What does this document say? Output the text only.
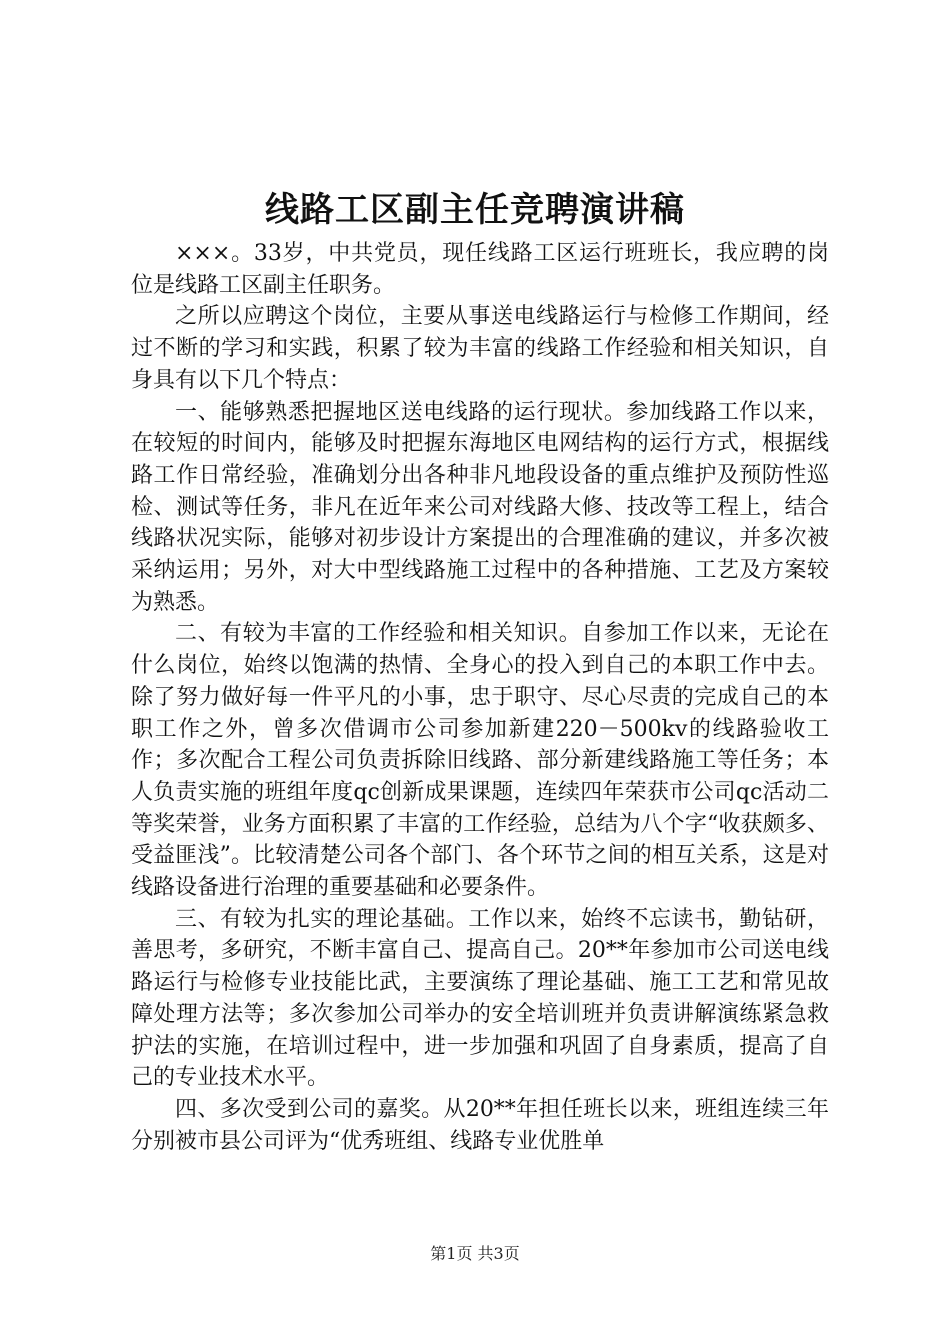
线路工区副主任竞聘演讲稿

×××。33岁，中共党员，现任线路工区运行班班长，我应聘的岗位是线路工区副主任职务。

之所以应聘这个岗位，主要从事送电线路运行与检修工作期间，经过不断的学习和实践，积累了较为丰富的线路工作经验和相关知识，自身具有以下几个特点：

一、能够熟悉把握地区送电线路的运行现状。参加线路工作以来，在较短的时间内，能够及时把握东海地区电网结构的运行方式，根据线路工作日常经验，准确划分出各种非凡地段设备的重点维护及预防性巡检、测试等任务，非凡在近年来公司对线路大修、技改等工程上，结合线路状况实际，能够对初步设计方案提出的合理准确的建议，并多次被采纳运用；另外，对大中型线路施工过程中的各种措施、工艺及方案较为熟悉。

二、有较为丰富的工作经验和相关知识。自参加工作以来，无论在什么岗位，始终以饱满的热情、全身心的投入到自己的本职工作中去。除了努力做好每一件平凡的小事，忠于职守、尽心尽责的完成自己的本职工作之外，曾多次借调市公司参加新建220－500kv的线路验收工作；多次配合工程公司负责拆除旧线路、部分新建线路施工等任务；本人负责实施的班组年度qc创新成果课题，连续四年荣获市公司qc活动二等奖荣誉，业务方面积累了丰富的工作经验，总结为八个字“收获颇多、受益匪浅”。比较清楚公司各个部门、各个环节之间的相互关系，这是对线路设备进行治理的重要基础和必要条件。

三、有较为扎实的理论基础。工作以来，始终不忘读书，勤钻研，善思考，多研究，不断丰富自己、提高自己。20**年参加市公司送电线路运行与检修专业技能比武，主要演练了理论基础、施工工艺和常见故障处理方法等；多次参加公司举办的安全培训班并负责讲解演练紧急救护法的实施，在培训过程中，进一步加强和巩固了自身素质，提高了自己的专业技术水平。

四、多次受到公司的嘉奖。从20**年担任班长以来，班组连续三年分别被市县公司评为“优秀班组、线路专业优胜单

第1页 共3页
